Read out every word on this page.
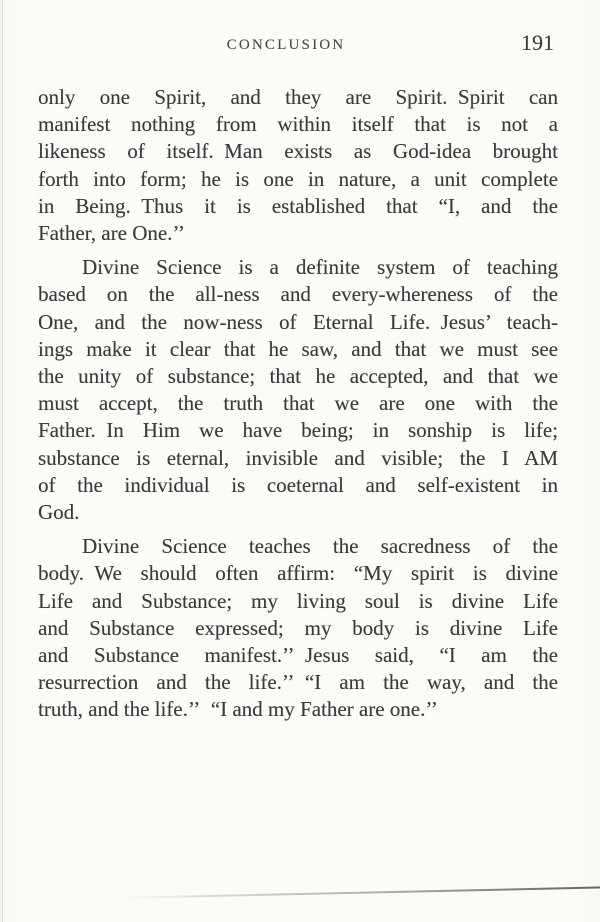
CONCLUSION	191
only one Spirit, and they are Spirit. Spirit can
manifest nothing from within itself that is not a
likeness of itself. Man exists as God-idea brought
forth into form; he is one in nature, a unit complete
in Being. Thus it is established that “I, and the
Father, are One.’’
Divine Science is a definite system of teaching
based on the all-ness and every-whereness of the
One, and the now-ness of Eternal Life. Jesus’ teach-
ings make it clear that he saw, and that we must see
the unity of substance; that he accepted, and that we
must accept, the truth that we are one with the
Father. In Him we have being; in sonship is life;
substance is eternal, invisible and visible; the I AM
of the individual is coeternal and self-existent in
God.
Divine Science teaches the sacredness of the
body. We should often affirm: “My spirit is divine
Life and Substance; my living soul is divine Life
and Substance expressed; my body is divine Life
and Substance manifest.’’ Jesus said, “I am the
resurrection and the life.’’ “I am the way, and the
truth, and the life.’’ “I and my Father are one.’’
